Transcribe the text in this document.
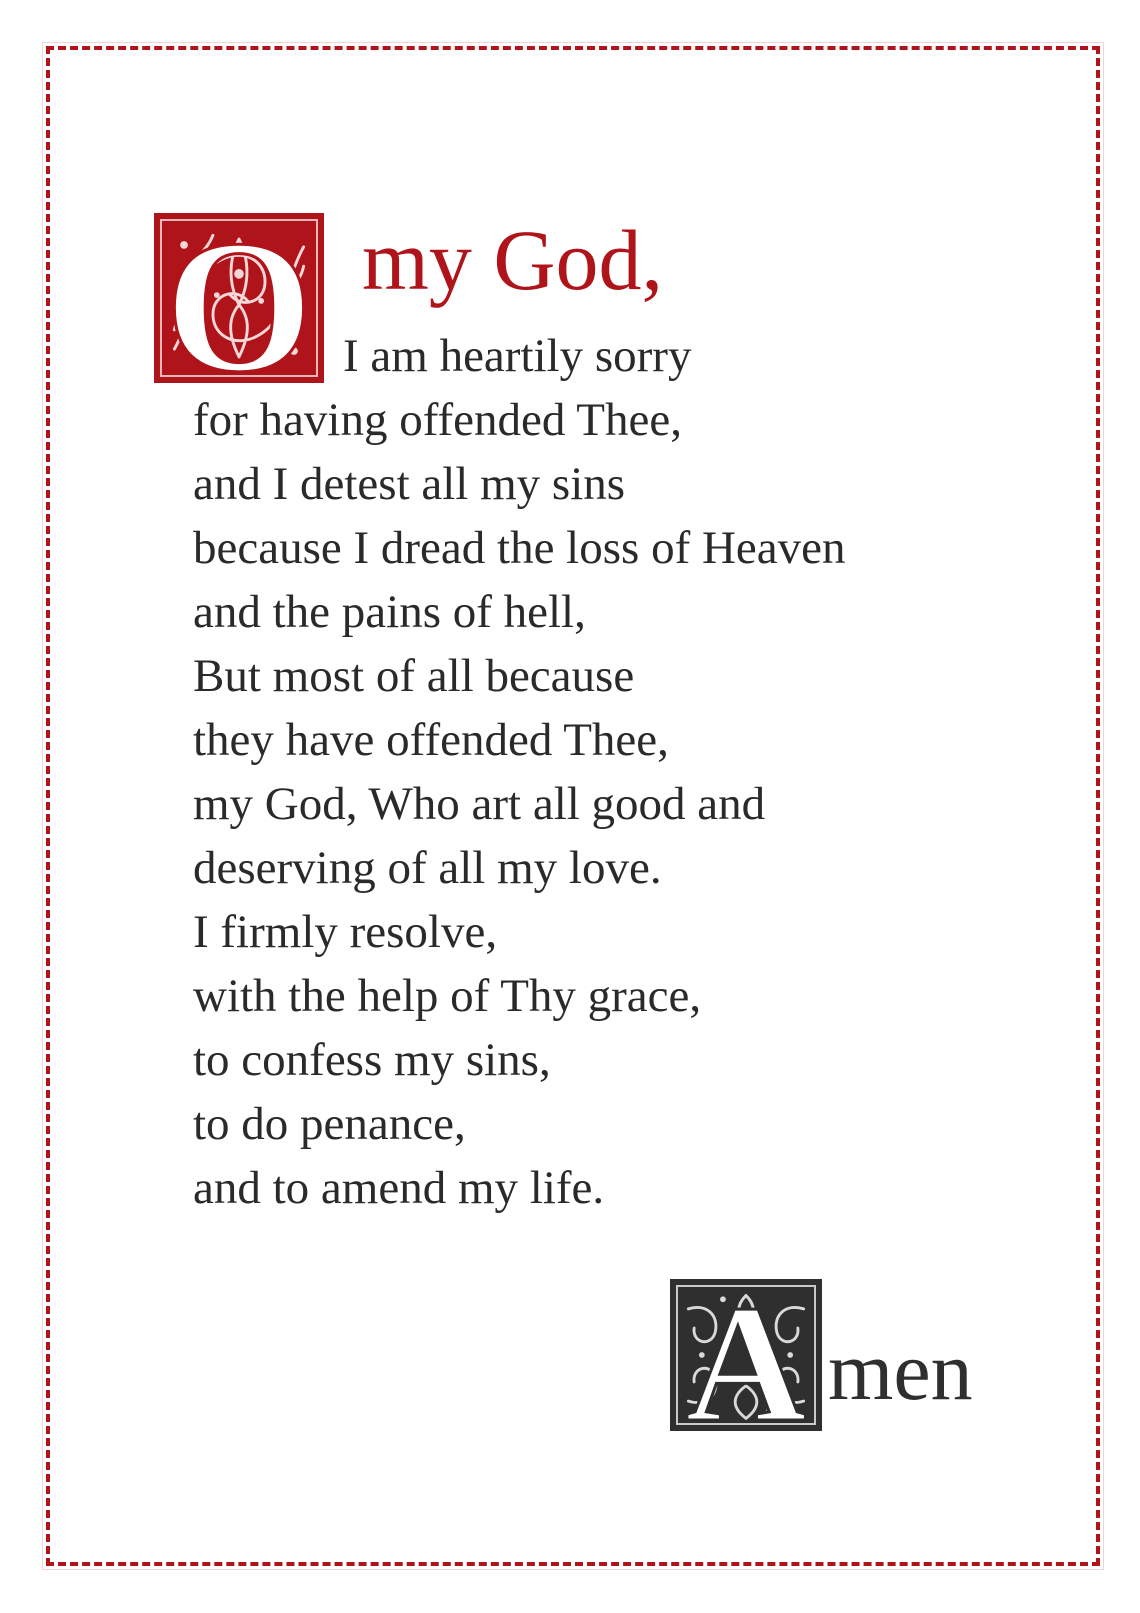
O my God,
I am heartily sorry
for having offended Thee,
and I detest all my sins
because I dread the loss of Heaven
and the pains of hell,
But most of all because
they have offended Thee,
my God, Who art all good and
deserving of all my love.
I firmly resolve,
with the help of Thy grace,
to confess my sins,
to do penance,
and to amend my life.
A men
